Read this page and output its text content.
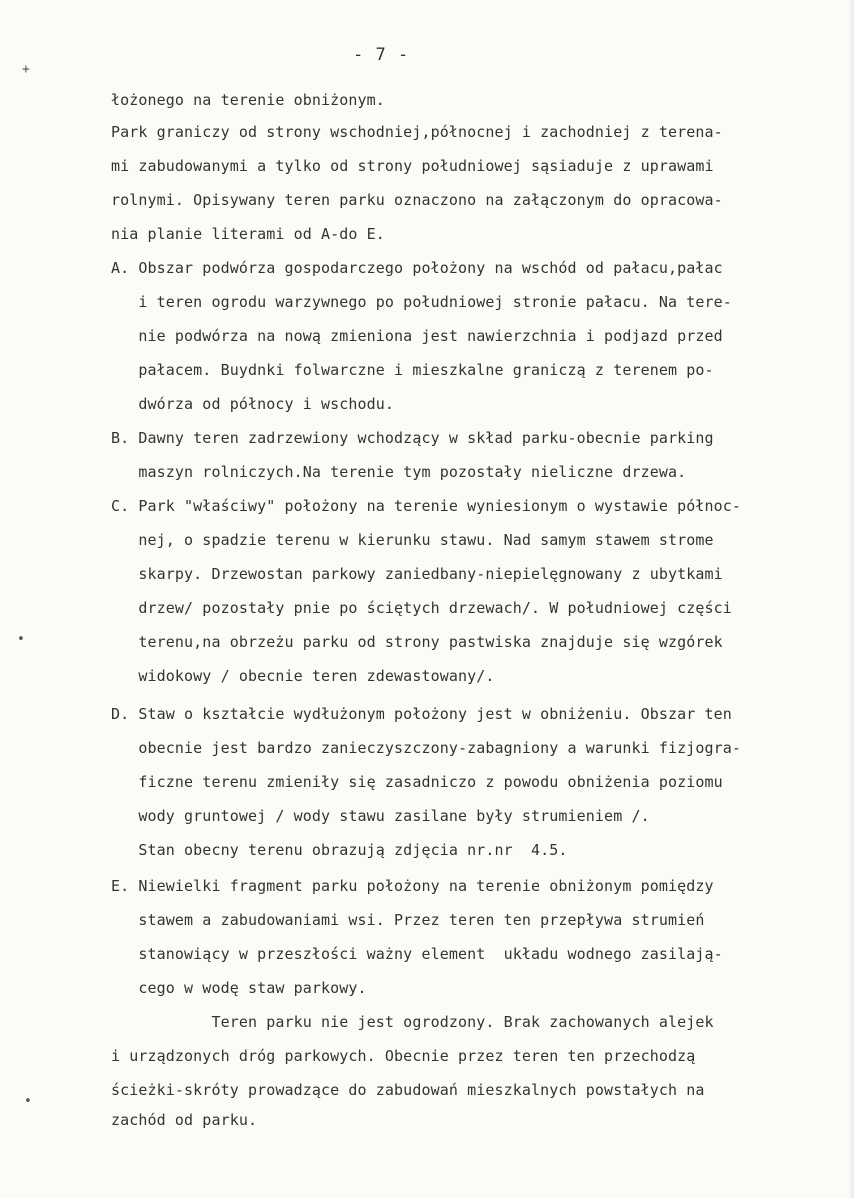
- 7 -
+
•
•
łożonego na terenie obniżonym.
Park graniczy od strony wschodniej,północnej i zachodniej z terena-
mi zabudowanymi a tylko od strony południowej sąsiaduje z uprawami
rolnymi. Opisywany teren parku oznaczono na załączonym do opracowa-
nia planie literami od A-do E.
A. Obszar podwórza gospodarczego położony na wschód od pałacu,pałac
i teren ogrodu warzywnego po południowej stronie pałacu. Na tere-
nie podwórza na nową zmieniona jest nawierzchnia i podjazd przed
pałacem. Buydnki folwarczne i mieszkalne graniczą z terenem po-
dwórza od północy i wschodu.
B. Dawny teren zadrzewiony wchodzący w skład parku-obecnie parking
maszyn rolniczych.Na terenie tym pozostały nieliczne drzewa.
C. Park "właściwy" położony na terenie wyniesionym o wystawie północ-
nej, o spadzie terenu w kierunku stawu. Nad samym stawem strome
skarpy. Drzewostan parkowy zaniedbany-niepielęgnowany z ubytkami
drzew/ pozostały pnie po ściętych drzewach/. W południowej części
terenu,na obrzeżu parku od strony pastwiska znajduje się wzgórek
widokowy / obecnie teren zdewastowany/.
D. Staw o kształcie wydłużonym położony jest w obniżeniu. Obszar ten
obecnie jest bardzo zanieczyszczony-zabagniony a warunki fizjogra-
ficzne terenu zmieniły się zasadniczo z powodu obniżenia poziomu
wody gruntowej / wody stawu zasilane były strumieniem /.
Stan obecny terenu obrazują zdjęcia nr.nr  4.5.
E. Niewielki fragment parku położony na terenie obniżonym pomiędzy
stawem a zabudowaniami wsi. Przez teren ten przepływa strumień
stanowiący w przeszłości ważny element  układu wodnego zasilają-
cego w wodę staw parkowy.
Teren parku nie jest ogrodzony. Brak zachowanych alejek
i urządzonych dróg parkowych. Obecnie przez teren ten przechodzą
ścieżki-skróty prowadzące do zabudowań mieszkalnych powstałych na
zachód od parku.
